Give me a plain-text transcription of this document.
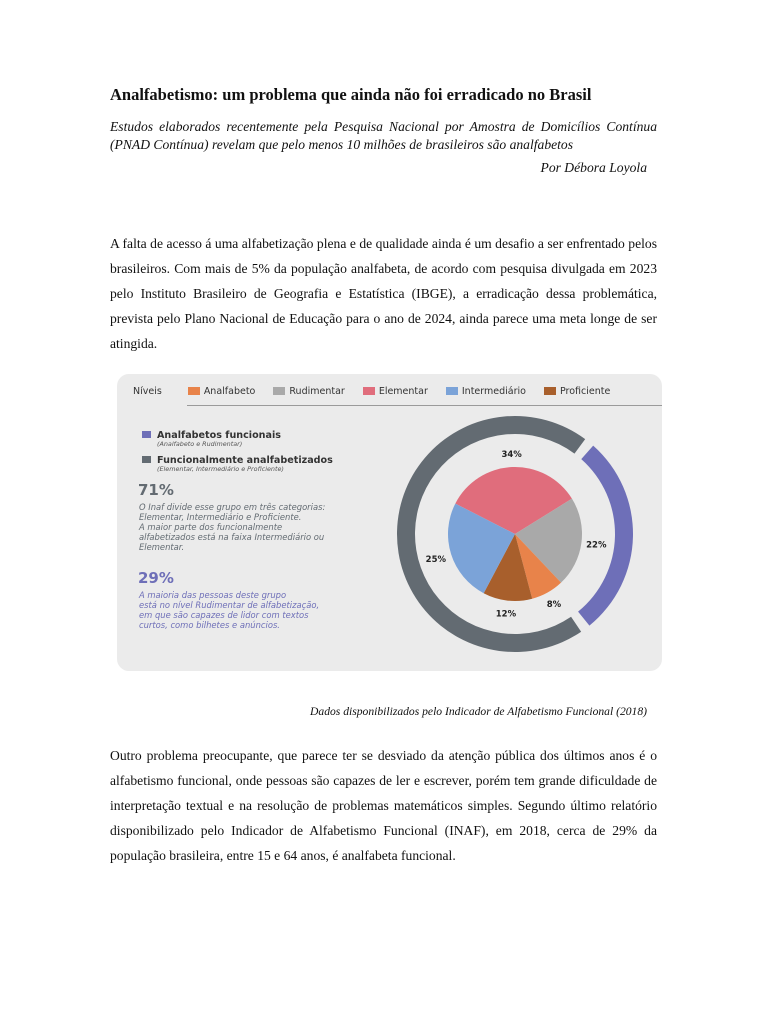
Analfabetismo: um problema que ainda não foi erradicado no Brasil

Estudos elaborados recentemente pela Pesquisa Nacional por Amostra de Domicílios Contínua (PNAD Contínua) revelam que pelo menos 10 milhões de brasileiros são analfabetos

Por Débora Loyola

A falta de acesso á uma alfabetização plena e de qualidade ainda é um desafio a ser enfrentado pelos brasileiros. Com mais de 5% da população analfabeta, de acordo com pesquisa divulgada em 2023 pelo Instituto Brasileiro de Geografia e Estatística (IBGE), a erradicação dessa problemática, prevista pelo Plano Nacional de Educação para o ano de 2024, ainda parece uma meta longe de ser atingida.

Dados disponibilizados pelo Indicador de Alfabetismo Funcional (2018)

Outro problema preocupante, que parece ter se desviado da atenção pública dos últimos anos é o alfabetismo funcional, onde pessoas são capazes de ler e escrever, porém tem grande dificuldade de interpretação textual e na resolução de problemas matemáticos simples. Segundo último relatório disponibilizado pelo Indicador de Alfabetismo Funcional (INAF), em 2018, cerca de 29% da população brasileira, entre 15 e 64 anos, é analfabeta funcional.

Níveis	Analfabeto	Rudimentar	Elementar	Intermediário	Proficiente
Analfabetos funcionais
(Analfabeto e Rudimentar)
Funcionalmente analfabetizados
(Elementar, Intermediário e Proficiente)
71%
O Inaf divide esse grupo em três categorias:
Elementar, Intermediário e Proficiente.
A maior parte dos funcionalmente
alfabetizados está na faixa Intermediário ou
Elementar.
29%
A maioria das pessoas deste grupo
está no nível Rudimentar de alfabetização,
em que são capazes de lidor com textos
curtos, como bilhetes e anúncios.
34%
22%
8%
12%
25%
